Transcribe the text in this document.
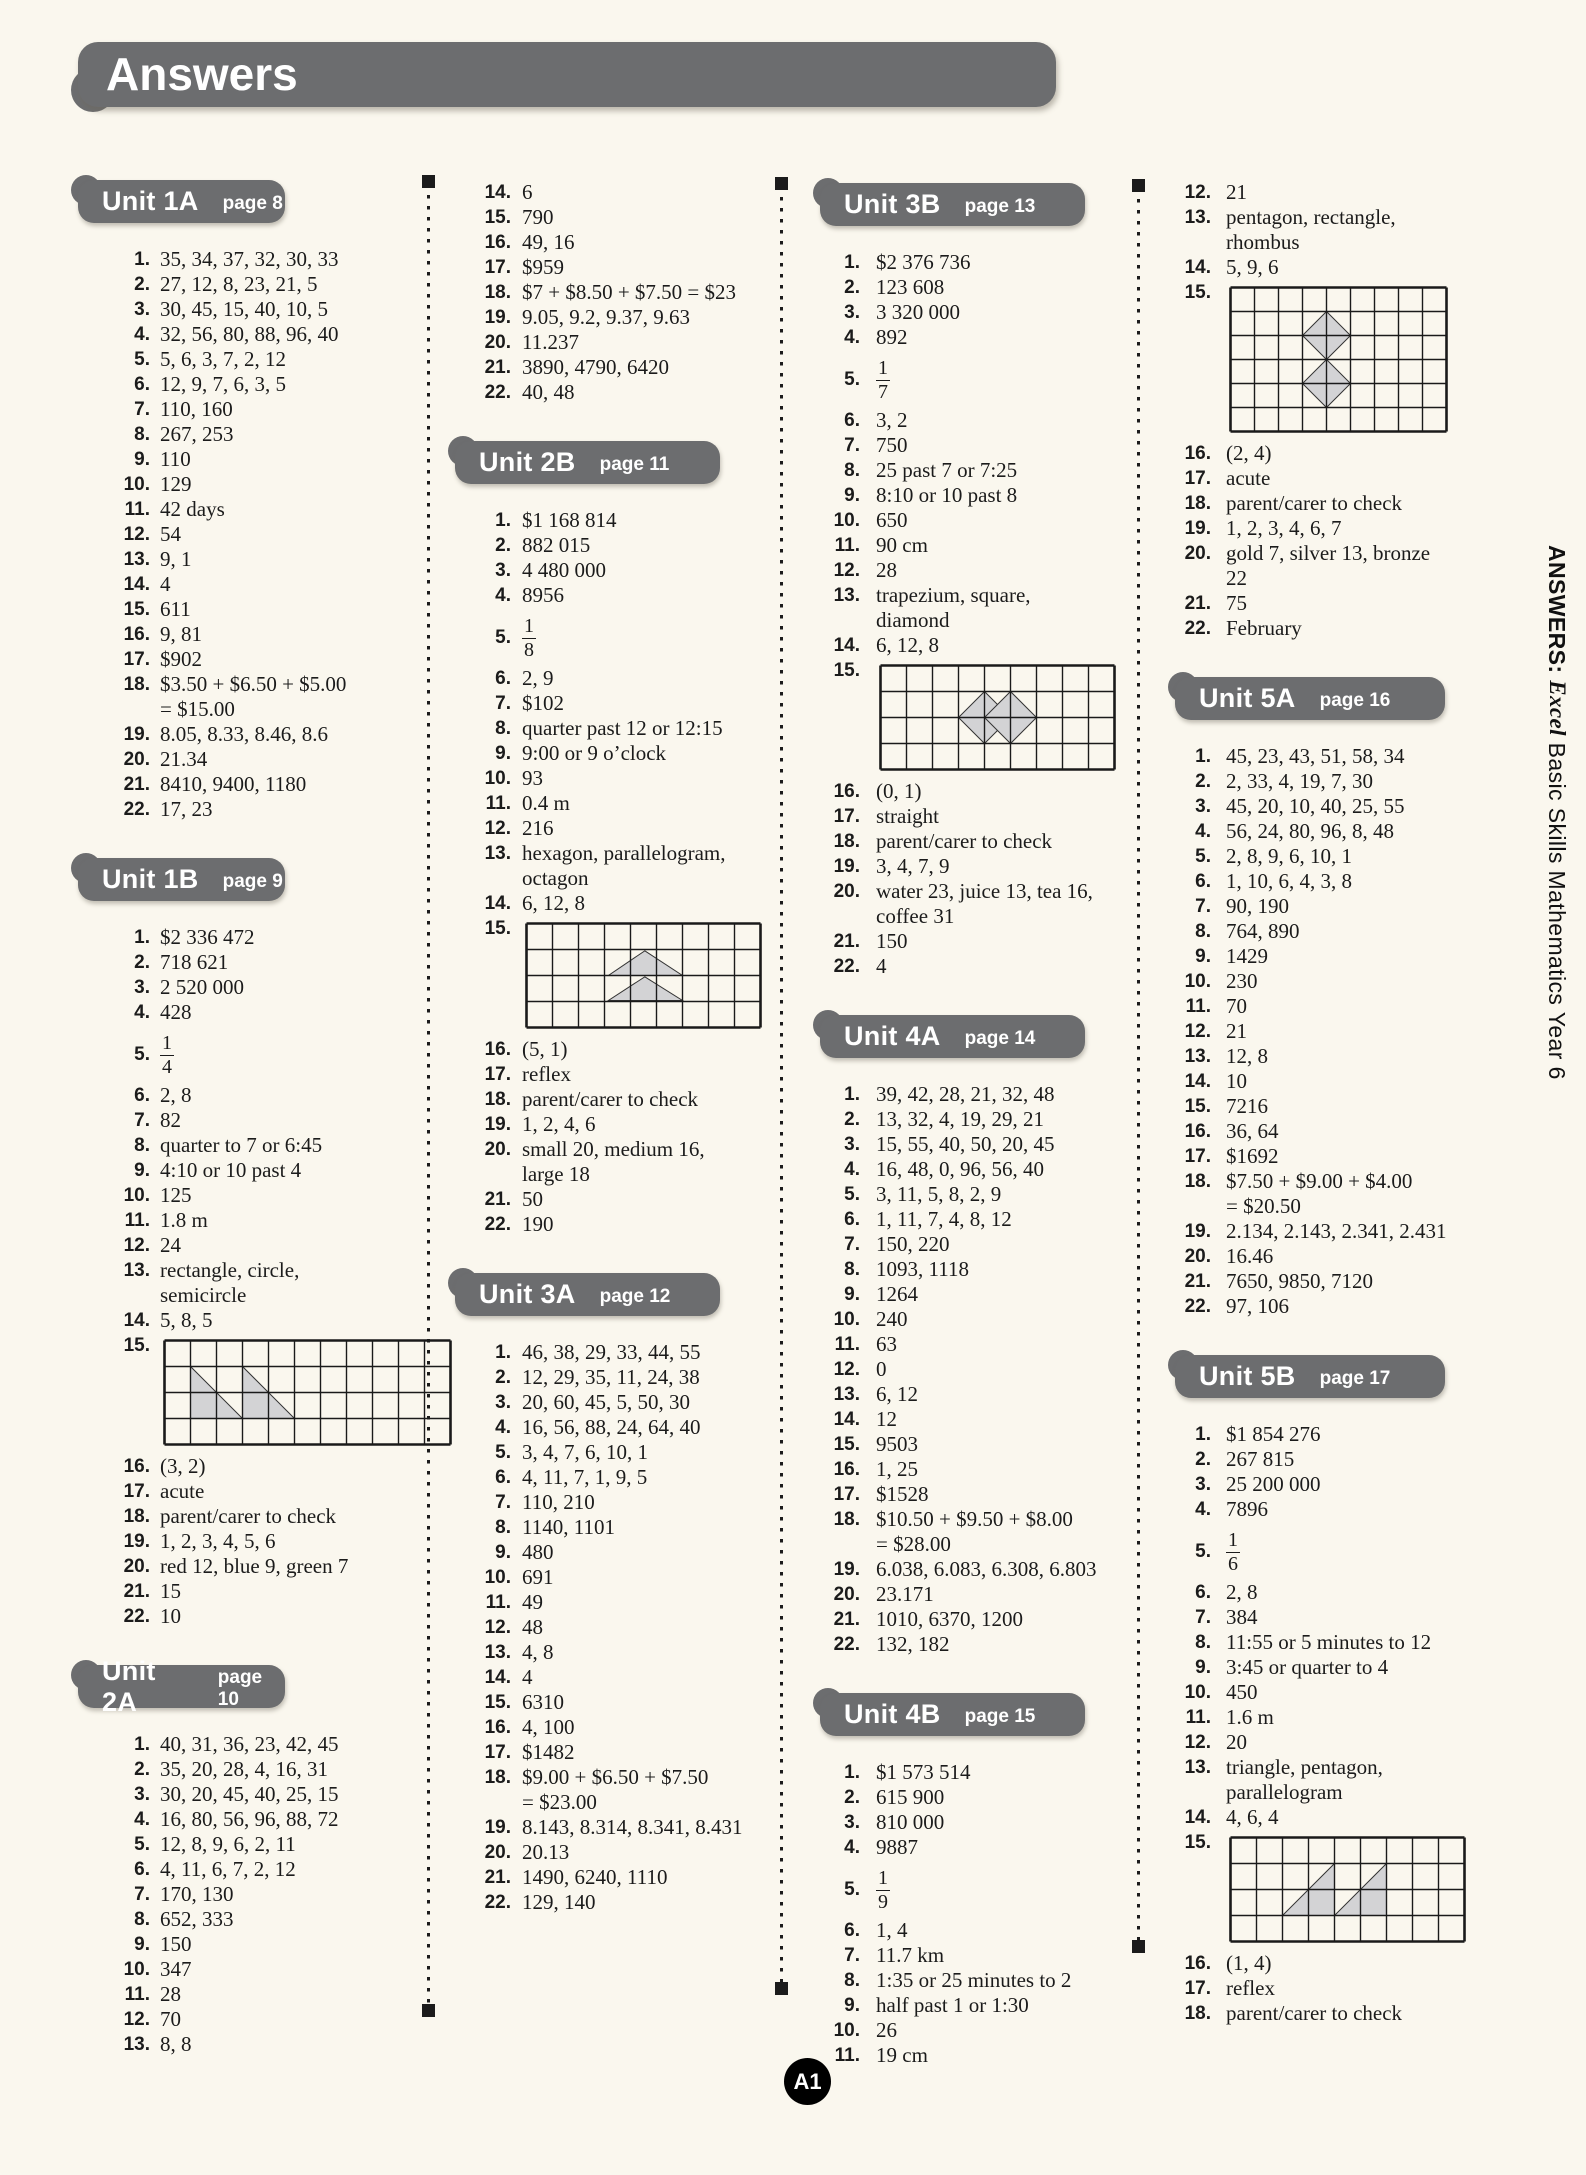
Answers
Unit 1A page 8
1. 35, 34, 37, 32, 30, 33
2. 27, 12, 8, 23, 21, 5
3. 30, 45, 15, 40, 10, 5
4. 32, 56, 80, 88, 96, 40
5. 5, 6, 3, 7, 2, 12
6. 12, 9, 7, 6, 3, 5
7. 110, 160
8. 267, 253
9. 110
10. 129
11. 42 days
12. 54
13. 9, 1
14. 4
15. 611
16. 9, 81
17. $902
18. $3.50 + $6.50 + $5.00
= $15.00
19. 8.05, 8.33, 8.46, 8.6
20. 21.34
21. 8410, 9400, 1180
22. 17, 23
Unit 1B page 9
1. $2 336 472
2. 718 621
3. 2 520 000
4. 428
5. $\frac{1}{4}$
6. 2, 8
7. 82
8. quarter to 7 or 6:45
9. 4:10 or 10 past 4
10. 125
11. 1.8 m
12. 24
13. rectangle, circle,
semicircle
14. 5, 8, 5
15.
16. (3, 2)
17. acute
18. parent/carer to check
19. 1, 2, 3, 4, 5, 6
20. red 12, blue 9, green 7
21. 15
22. 10
Unit 2A
page 10
1. 40, 31, 36, 23, 42, 45
2. 35, 20, 28, 4, 16, 31
3. 30, 20, 45, 40, 25, 15
4. 16, 80, 56, 96, 88, 72
5. 12, 8, 9, 6, 2, 11
6. 4, 11, 6, 7, 2, 12
7. 170, 130
8. 652, 333
9. 150
10. 347
11. 28
12. 70
13. 8, 8
14. 6
15. 790
16. 49, 16
17. $959
18. $7 + $8.50 + $7.50 = $23
19. 9.05, 9.2, 9.37, 9.63
20. 11.237
21. 3890, 4790, 6420
22. 40, 48
Unit 2B page 11
1. $1 168 814
2. 882 015
3. 4 480 000
4. 8956
5. $\frac{1}{8}$
6. 2, 9
7. $102
8. quarter past 12 or 12:15
9. 9:00 or 9 o’clock
10. 93
11. 0.4 m
12. 216
13. hexagon, parallelogram,
octagon
14. 6, 12, 8
15.
16. (5, 1)
17. reflex
18. parent/carer to check
19. 1, 2, 4, 6
20. small 20, medium 16,
large 18
21. 50
22. 190
Unit 3A page 12
1. 46, 38, 29, 33, 44, 55
2. 12, 29, 35, 11, 24, 38
3. 20, 60, 45, 5, 50, 30
4. 16, 56, 88, 24, 64, 40
5. 3, 4, 7, 6, 10, 1
6. 4, 11, 7, 1, 9, 5
7. 110, 210
8. 1140, 1101
9. 480
10. 691
11. 49
12. 48
13. 4, 8
14. 4
15. 6310
16. 4, 100
17. $1482
18. $9.00 + $6.50 + $7.50
= $23.00
19. 8.143, 8.314, 8.341, 8.431
20. 20.13
21. 1490, 6240, 1110
22. 129, 140
Unit 3B page 13
1. $2 376 736
2. 123 608
3. 3 320 000
4. 892
5. $\frac{1}{7}$
6. 3, 2
7. 750
8. 25 past 7 or 7:25
9. 8:10 or 10 past 8
10. 650
11. 90 cm
12. 28
13. trapezium, square,
diamond
14. 6, 12, 8
15.
16. (0, 1)
17. straight
18. parent/carer to check
19. 3, 4, 7, 9
20. water 23, juice 13, tea 16,
coffee 31
21. 150
22. 4
Unit 4A page 14
1. 39, 42, 28, 21, 32, 48
2. 13, 32, 4, 19, 29, 21
3. 15, 55, 40, 50, 20, 45
4. 16, 48, 0, 96, 56, 40
5. 3, 11, 5, 8, 2, 9
6. 1, 11, 7, 4, 8, 12
7. 150, 220
8. 1093, 1118
9. 1264
10. 240
11. 63
12. 0
13. 6, 12
14. 12
15. 9503
16. 1, 25
17. $1528
18. $10.50 + $9.50 + $8.00
= $28.00
19. 6.038, 6.083, 6.308, 6.803
20. 23.171
21. 1010, 6370, 1200
22. 132, 182
Unit 4B page 15
1. $1 573 514
2. 615 900
3. 810 000
4. 9887
5. $\frac{1}{9}$
6. 1, 4
7. 11.7 km
8. 1:35 or 25 minutes to 2
9. half past 1 or 1:30
10. 26
11. 19 cm
12. 21
13. pentagon, rectangle,
rhombus
14. 5, 9, 6
15.
16. (2, 4)
17. acute
18. parent/carer to check
19. 1, 2, 3, 4, 6, 7
20. gold 7, silver 13, bronze
22
21. 75
22. February
Unit 5A page 16
1. 45, 23, 43, 51, 58, 34
2. 2, 33, 4, 19, 7, 30
3. 45, 20, 10, 40, 25, 55
4. 56, 24, 80, 96, 8, 48
5. 2, 8, 9, 6, 10, 1
6. 1, 10, 6, 4, 3, 8
7. 90, 190
8. 764, 890
9. 1429
10. 230
11. 70
12. 21
13. 12, 8
14. 10
15. 7216
16. 36, 64
17. $1692
18. $7.50 + $9.00 + $4.00
= $20.50
19. 2.134, 2.143, 2.341, 2.431
20. 16.46
21. 7650, 9850, 7120
22. 97, 106
Unit 5B page 17
1. $1 854 276
2. 267 815
3. 25 200 000
4. 7896
5. $\frac{1}{6}$
6. 2, 8
7. 384
8. 11:55 or 5 minutes to 12
9. 3:45 or quarter to 4
10. 450
11. 1.6 m
12. 20
13. triangle, pentagon,
parallelogram
14. 4, 6, 4
15.
16. (1, 4)
17. reflex
18. parent/carer to check
ANSWERS: Excel Basic Skills Mathematics Year 6
A1
